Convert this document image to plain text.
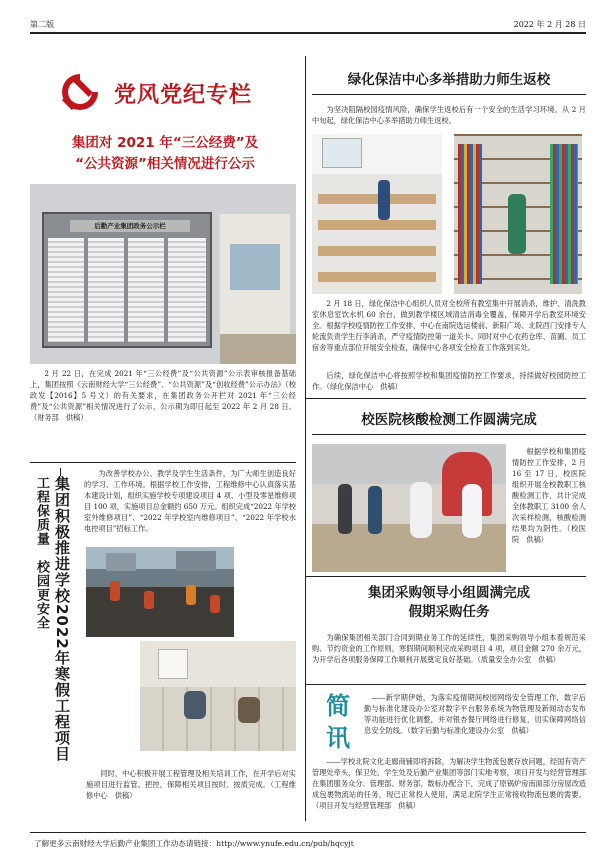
第二版	2022 年 2 月 28 日
党风党纪专栏
集团对 2021 年“三公经费”及
“公共资源”相关情况进行公示
后勤产业集团政务公示栏
2 月 22 日，在完成 2021 年“三公经费”及“公共资源”公示表审核报备基础上，集团按照《云南财经大学“三公经费”、“公共资源”及“创收经费”公示办法》（校政发【2016】5 号文）的有关要求，在集团政务公开栏对 2021 年“三公经费”及“公共资源”相关情况进行了公示，公示期为即日起至 2022 年 2 月 28 日。（财务部　供稿）
集团积极推进学校2022年寒假工程项目
工程保质量　校园更安全
为改善学校办公、教学及学生生活条件，为广大师生创造良好的学习、工作环境。根据学校工作安排，工程维修中心认真落实基本建设计划，组织实施学校专项建设项目 4 项、小型及零星维修项目 100 项，实施项目总金额约 650 万元。组织完成“2022 年学校室外维修项目”、“2022 年学校室内维修项目”、“2022 年学校水电控项目”招标工作。
同时，中心积极开展工程管理及相关培训工作，在开学后对实施项目进行监管、把控，保障相关项目按时、按质完成。（工程维修中心　供稿）
绿化保洁中心多举措助力师生返校
为坚决阻隔校园疫情风险，确保学生返校后有一个安全的生活学习环境。从 2 月中旬起，绿化保洁中心多举措助力师生返校。
2 月 18 日，绿化保洁中心组织人员对全校所有教室集中开展消杀，维护、清洗教室休息室饮水机 60 余台，做到教学楼区域清洁消毒全覆盖，保障开学后教室环境安全。根据学校疫情防控工作安排，中心在南院选运楼前、新阳广场、北院西门安排专人轮流负责学生行李消杀，严守疫情防控第一道关卡。同时对中心农药仓库、苗圃、员工宿舍等重点部位开展安全检查，确保中心各项安全检查工作落到实处。
后续，绿化保洁中心将按照学校和集团疫情防控工作要求，持续做好校园防控工作。（绿化保洁中心　供稿）
校医院核酸检测工作圆满完成
根据学校和集团疫情防控工作安排，2 月 16 至 17 日，校医院组织开展全校教职工核酸检测工作，共计完成全体教职工 3100 余人次采样检测，核酸检测结果均为阴性。（校医院　供稿）
集团采购领导小组圆满完成
假期采购任务
为确保集团相关部门合同到期业务工作的延续性，集团采购领导小组本着规范采购、节约资金的工作原则，寒假期间顺利完成采购项目 4 项，项目金额 270 余万元，为开学后各项服务保障工作顺利开展奠定良好基础。（质量安全办公室　供稿）
简
讯
——新学期伊始，为落实疫情期间校园网络安全管理工作，数字后勤与标准化建设办公室对数字平台服务系统为物管理及新闻动态发布等功能进行优化调整，并对银杏餐厅网络进行修复，切实保障网络信息安全防线。（数字后勤与标准化建设办公室　供稿）
——学校北院文化走廊商铺即将拆除，为解决学生物流包裹存放问题，经国有资产管理处牵头，保卫处、学生处及后勤产业集团等部门实地考察，项目开发与经营管理部在集团服务众分、管理部、财务部、数标办配合下，完成了原锅炉房南面部分房屋改造成包裹物流站的任务，现已正常投入使用，满足北院学生正常接收物流包裹的需要。（项目开发与经营管理部　供稿）
了解更多云南财经大学后勤产业集团工作动态请链接：http://www.ynufe.edu.cn/pub/hqcyjt
